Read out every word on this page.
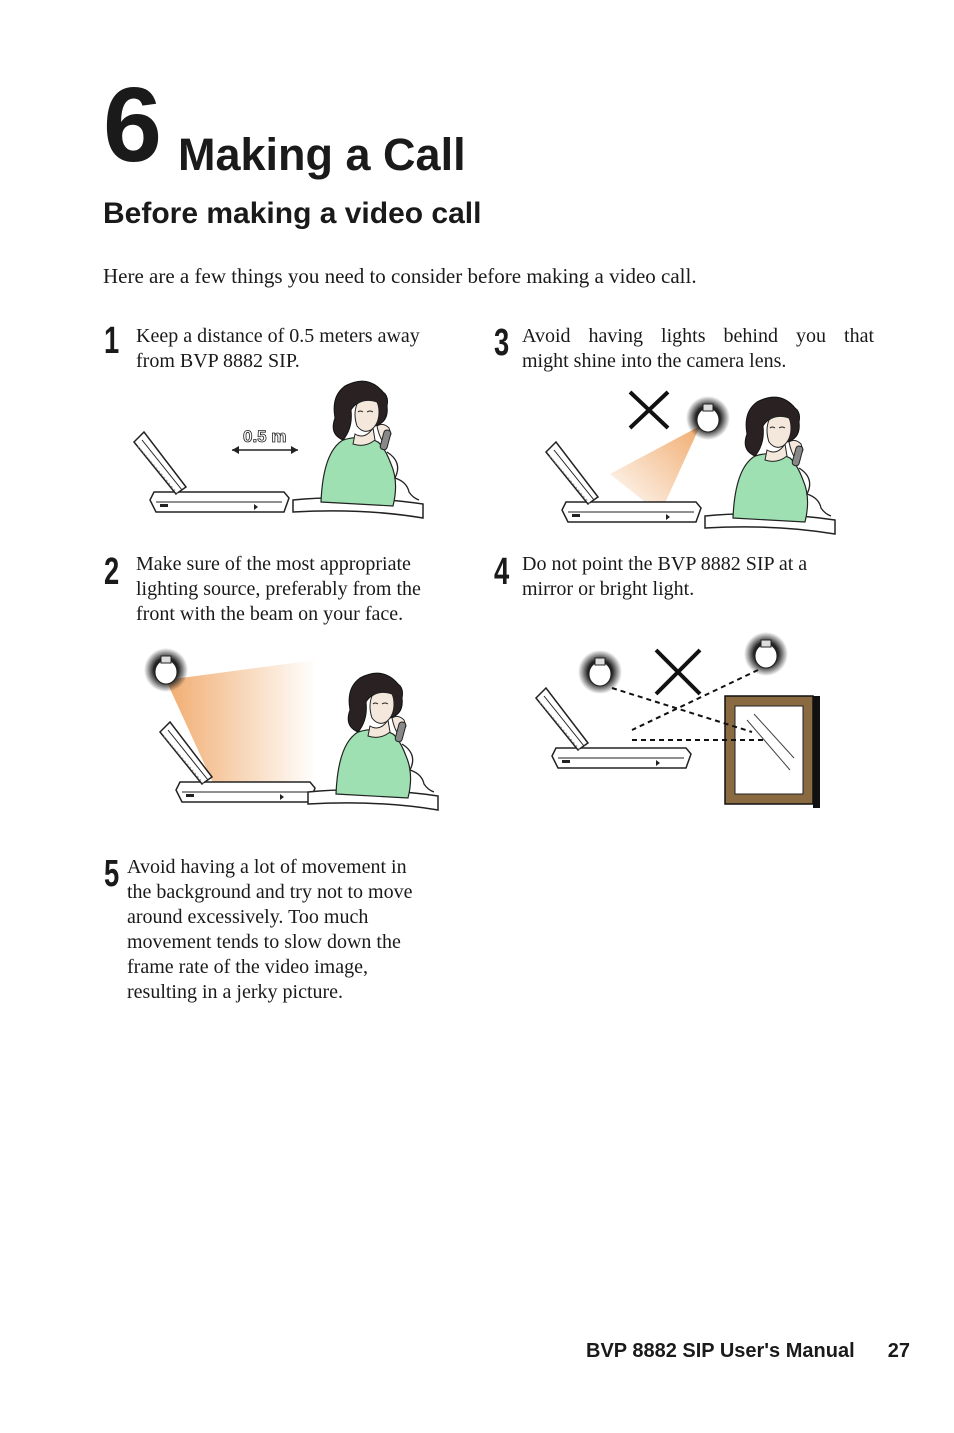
6 Making a Call
Before making a video call
Here are a few things you need to consider before making a video call.
1 Keep a distance of 0.5 meters away
from BVP 8882 SIP.	3 Avoid having lights behind you that
might shine into the camera lens.
2 Make sure of the most appropriate
lighting source, preferably from the
front with the beam on your face.
4 Do not point the BVP 8882 SIP at a
mirror or bright light.
5 Avoid having a lot of movement in
the background and try not to move
around excessively. Too much
movement tends to slow down the
frame rate of the video image,
resulting in a jerky picture.
0.5 m
BVP 8882 SIP User's Manual 27
